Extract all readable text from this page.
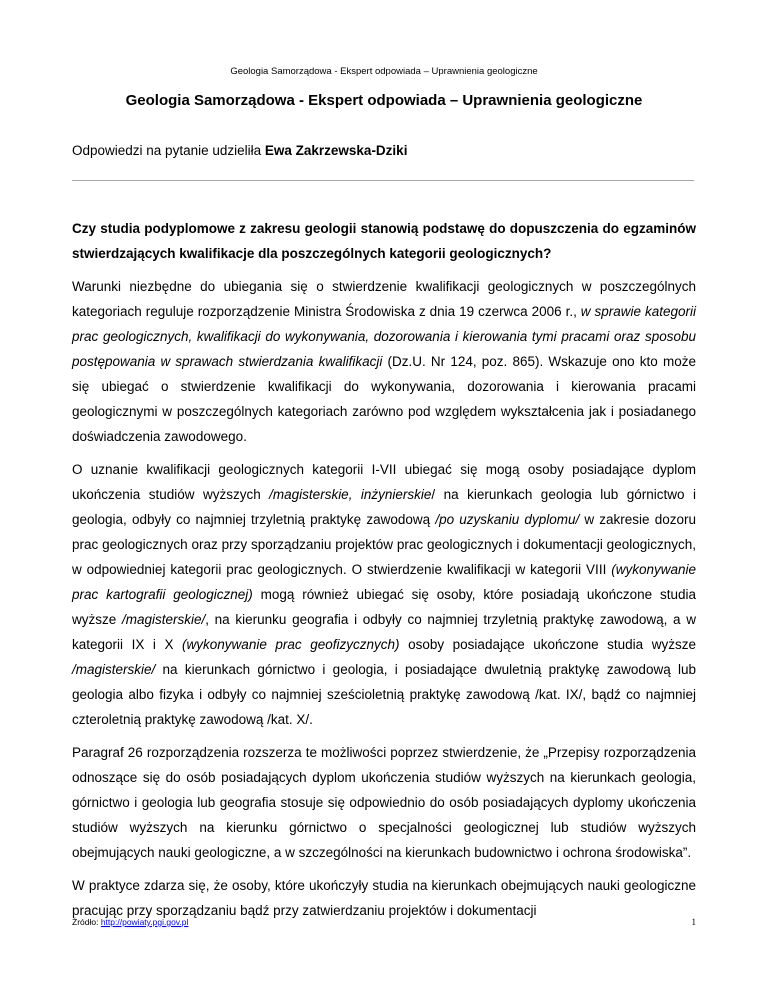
Geologia Samorządowa - Ekspert odpowiada – Uprawnienia geologiczne
Geologia Samorządowa - Ekspert odpowiada – Uprawnienia geologiczne
Odpowiedzi na pytanie udzieliła Ewa Zakrzewska-Dziki

Czy studia podyplomowe z zakresu geologii stanowią podstawę do dopuszczenia do egzaminów stwierdzających kwalifikacje dla poszczególnych kategorii geologicznych?

Warunki niezbędne do ubiegania się o stwierdzenie kwalifikacji geologicznych w poszczególnych kategoriach reguluje rozporządzenie Ministra Środowiska z dnia 19 czerwca 2006 r., w sprawie kategorii prac geologicznych, kwalifikacji do wykonywania, dozorowania i kierowania tymi pracami oraz sposobu postępowania w sprawach stwierdzania kwalifikacji (Dz.U. Nr 124, poz. 865). Wskazuje ono kto może się ubiegać o stwierdzenie kwalifikacji do wykonywania, dozorowania i kierowania pracami geologicznymi w poszczególnych kategoriach zarówno pod względem wykształcenia jak i posiadanego doświadczenia zawodowego.

O uznanie kwalifikacji geologicznych kategorii I-VII ubiegać się mogą osoby posiadające dyplom ukończenia studiów wyższych /magisterskie, inżynierskie/ na kierunkach geologia lub górnictwo i geologia, odbyły co najmniej trzyletnią praktykę zawodową /po uzyskaniu dyplomu/ w zakresie dozoru prac geologicznych oraz przy sporządzaniu projektów prac geologicznych i dokumentacji geologicznych, w odpowiedniej kategorii prac geologicznych. O stwierdzenie kwalifikacji w kategorii VIII (wykonywanie prac kartografii geologicznej) mogą również ubiegać się osoby, które posiadają ukończone studia wyższe /magisterskie/, na kierunku geografia i odbyły co najmniej trzyletnią praktykę zawodową, a w kategorii IX i X (wykonywanie prac geofizycznych) osoby posiadające ukończone studia wyższe /magisterskie/ na kierunkach górnictwo i geologia, i posiadające dwuletnią praktykę zawodową lub geologia albo fizyka i odbyły co najmniej sześcioletnią praktykę zawodową /kat. IX/, bądź co najmniej czteroletnią praktykę zawodową /kat. X/.

Paragraf 26 rozporządzenia rozszerza te możliwości poprzez stwierdzenie, że „Przepisy rozporządzenia odnoszące się do osób posiadających dyplom ukończenia studiów wyższych na kierunkach geologia, górnictwo i geologia lub geografia stosuje się odpowiednio do osób posiadających dyplomy ukończenia studiów wyższych na kierunku górnictwo o specjalności geologicznej lub studiów wyższych obejmujących nauki geologiczne, a w szczególności na kierunkach budownictwo i ochrona środowiska”.

W praktyce zdarza się, że osoby, które ukończyły studia na kierunkach obejmujących nauki geologiczne pracując przy sporządzaniu bądź przy zatwierdzaniu projektów i dokumentacji

Źródło: http://powiaty.pgi.gov.pl	1
